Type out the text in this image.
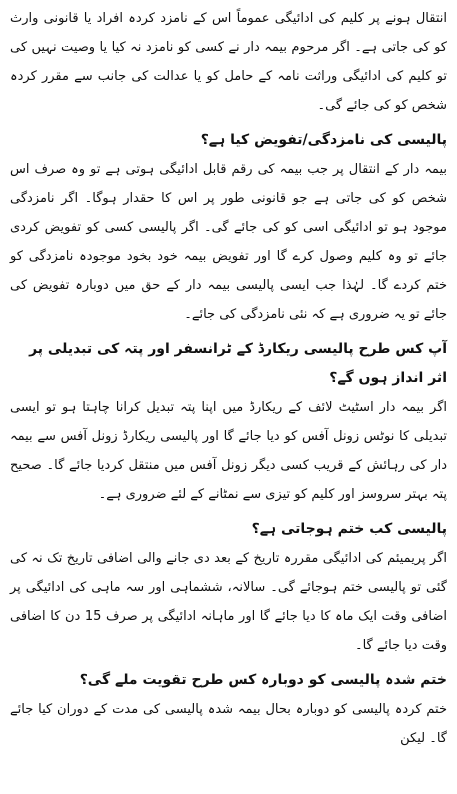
انتقال ہونے پر کلیم کی ادائیگی عموماً اس کے نامزد کردہ افراد یا قانونی وارث کو کی جاتی ہے۔ اگر مرحوم بیمہ دار نے کسی کو نامزد نہ کیا یا وصیت نہیں کی تو کلیم کی ادائیگی وراثت نامہ کے حامل کو یا عدالت کی جانب سے مقرر کردہ شخص کو کی جائے گی۔

پالیسی کی نامزدگی/تفویض کیا ہے؟

بیمہ دار کے انتقال پر جب بیمہ کی رقم قابل ادائیگی ہوتی ہے تو وہ صرف اس شخص کو کی جاتی ہے جو قانونی طور پر اس کا حقدار ہوگا۔ اگر نامزدگی موجود ہو تو ادائیگی اسی کو کی جائے گی۔ اگر پالیسی کسی کو تفویض کردی جائے تو وہ کلیم وصول کرے گا اور تفویض بیمہ خود بخود موجودہ نامزدگی کو ختم کردے گا۔ لہٰذا جب ایسی پالیسی بیمہ دار کے حق میں دوبارہ تفویض کی جائے تو یہ ضروری ہے کہ نئی نامزدگی کی جائے۔

آپ کس طرح پالیسی ریکارڈ کے ٹرانسفر اور پتہ کی تبدیلی پر اثر انداز ہوں گے؟

اگر بیمہ دار اسٹیٹ لائف کے ریکارڈ میں اپنا پتہ تبدیل کرانا چاہتا ہو تو ایسی تبدیلی کا نوٹس زونل آفس کو دیا جائے گا اور پالیسی ریکارڈ زونل آفس سے بیمہ دار کی رہائش کے قریب کسی دیگر زونل آفس میں منتقل کردیا جائے گا۔ صحیح پتہ بہتر سروسز اور کلیم کو تیزی سے نمٹانے کے لئے ضروری ہے۔

پالیسی کب ختم ہوجاتی ہے؟

اگر پریمیئم کی ادائیگی مقررہ تاریخ کے بعد دی جانے والی اضافی تاریخ تک نہ کی گئی تو پالیسی ختم ہوجائے گی۔ سالانہ، ششماہی اور سہ ماہی کی ادائیگی پر اضافی وقت ایک ماہ کا دیا جائے گا اور ماہانہ ادائیگی پر صرف 15 دن کا اضافی وقت دیا جائے گا۔

ختم شدہ پالیسی کو دوبارہ کس طرح تقویت ملے گی؟

ختم کردہ پالیسی کو دوبارہ بحال بیمہ شدہ پالیسی کی مدت کے دوران کیا جائے گا۔ لیکن
